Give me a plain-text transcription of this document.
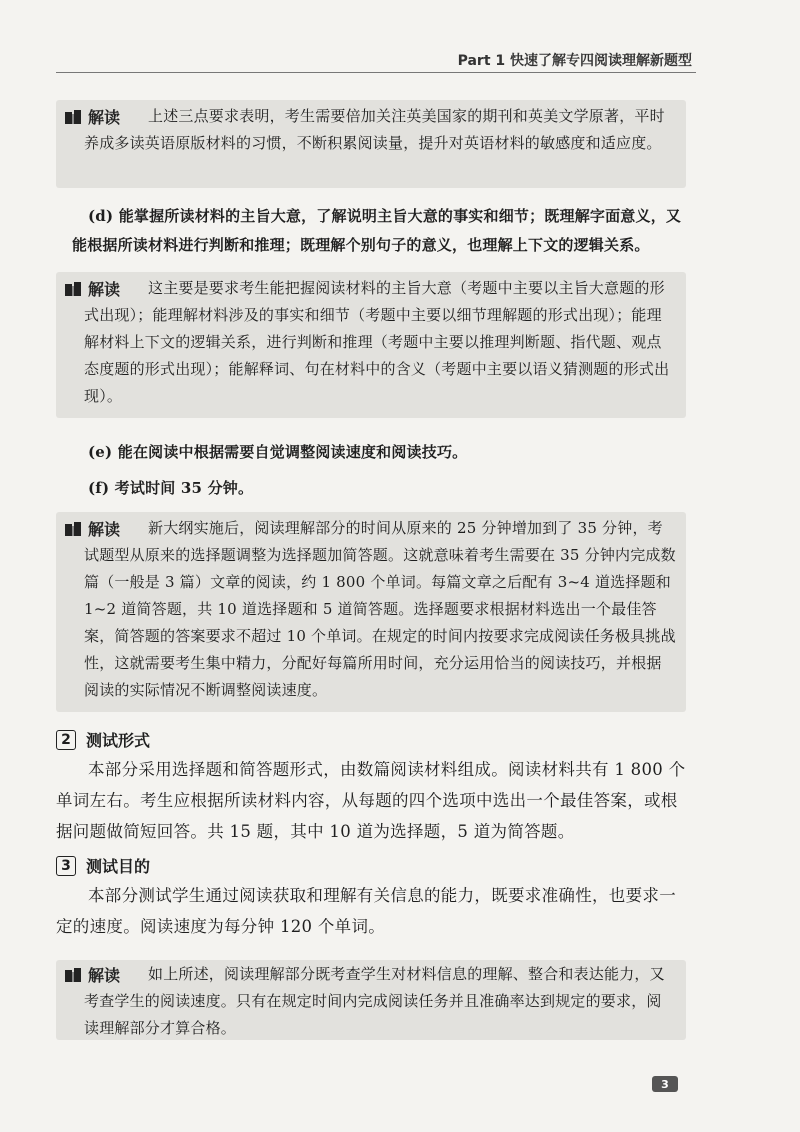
Part 1 快速了解专四阅读理解新题型
解读	上述三点要求表明，考生需要倍加关注英美国家的期刊和英美文学原著，平时养成多读英语原版材料的习惯，不断积累阅读量，提升对英语材料的敏感度和适应度。
(d) 能掌握所读材料的主旨大意，了解说明主旨大意的事实和细节；既理解字面意义，又能根据所读材料进行判断和推理；既理解个别句子的意义，也理解上下文的逻辑关系。
解读	这主要是要求考生能把握阅读材料的主旨大意（考题中主要以主旨大意题的形式出现）；能理解材料涉及的事实和细节（考题中主要以细节理解题的形式出现）；能理解材料上下文的逻辑关系，进行判断和推理（考题中主要以推理判断题、指代题、观点态度题的形式出现）；能解释词、句在材料中的含义（考题中主要以语义猜测题的形式出现）。
(e) 能在阅读中根据需要自觉调整阅读速度和阅读技巧。
(f) 考试时间 35 分钟。
解读	新大纲实施后，阅读理解部分的时间从原来的 25 分钟增加到了 35 分钟，考试题型从原来的选择题调整为选择题加简答题。这就意味着考生需要在 35 分钟内完成数篇（一般是 3 篇）文章的阅读，约 1 800 个单词。每篇文章之后配有 3~4 道选择题和 1~2 道简答题，共 10 道选择题和 5 道简答题。选择题要求根据材料选出一个最佳答案，简答题的答案要求不超过 10 个单词。在规定的时间内按要求完成阅读任务极具挑战性，这就需要考生集中精力，分配好每篇所用时间，充分运用恰当的阅读技巧，并根据阅读的实际情况不断调整阅读速度。
2 测试形式
本部分采用选择题和简答题形式，由数篇阅读材料组成。阅读材料共有 1 800 个单词左右。考生应根据所读材料内容，从每题的四个选项中选出一个最佳答案，或根据问题做简短回答。共 15 题，其中 10 道为选择题，5 道为简答题。
3 测试目的
本部分测试学生通过阅读获取和理解有关信息的能力，既要求准确性，也要求一定的速度。阅读速度为每分钟 120 个单词。
解读	如上所述，阅读理解部分既考查学生对材料信息的理解、整合和表达能力，又考查学生的阅读速度。只有在规定时间内完成阅读任务并且准确率达到规定的要求，阅读理解部分才算合格。
3
